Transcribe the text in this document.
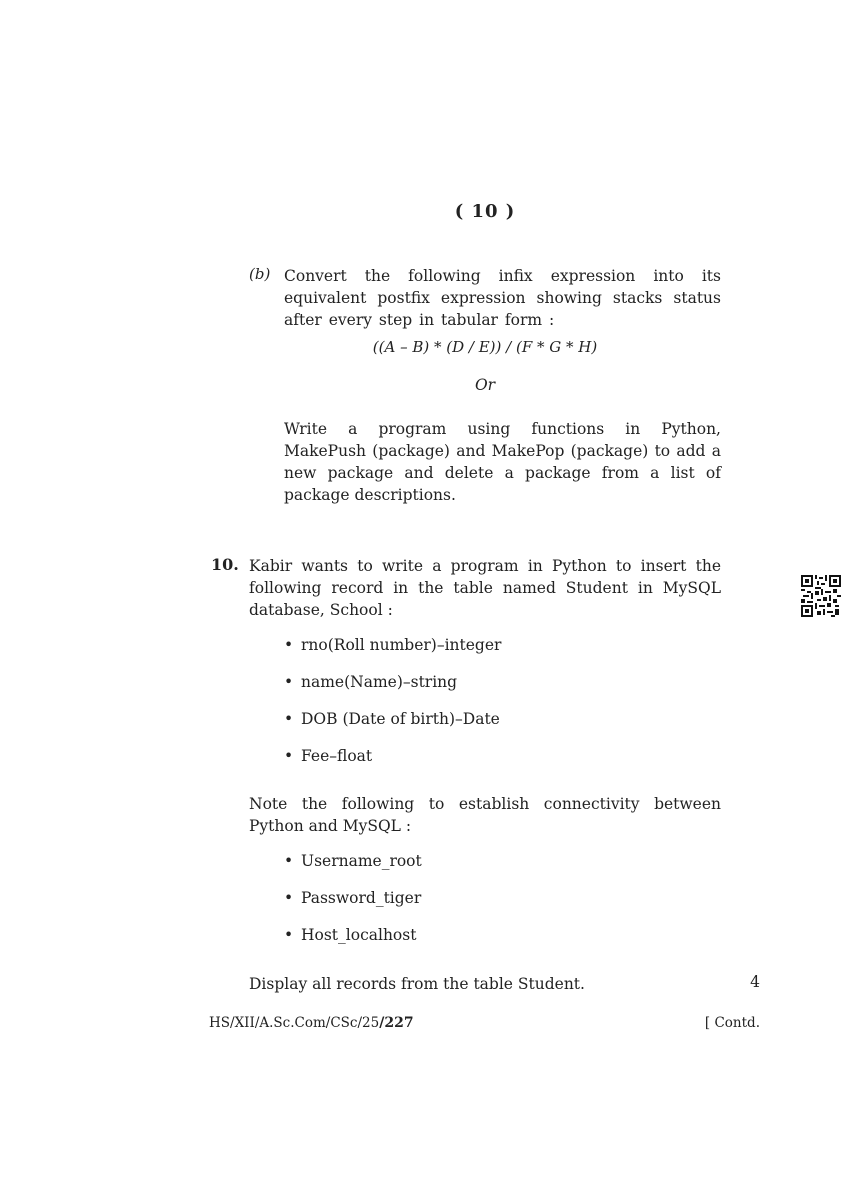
( 10 )
(b) Convert the following infix expression into its
equivalent postfix expression showing stacks status
after every step in tabular form :
((A – B) * (D / E)) / (F * G * H)
Or
Write a program using functions in Python,
MakePush (package) and MakePop (package) to add a
new package and delete a package from a list of
package descriptions.
10. Kabir wants to write a program in Python to insert the
following record in the table named Student in MySQL
database, School :
• rno(Roll number)–integer
• name(Name)–string
• DOB (Date of birth)–Date
• Fee–float
Note the following to establish connectivity between
Python and MySQL :
• Username_root
• Password_tiger
• Host_localhost
Display all records from the table Student.	4
HS/XII/A.Sc.Com/CSc/25/227	[ Contd.
